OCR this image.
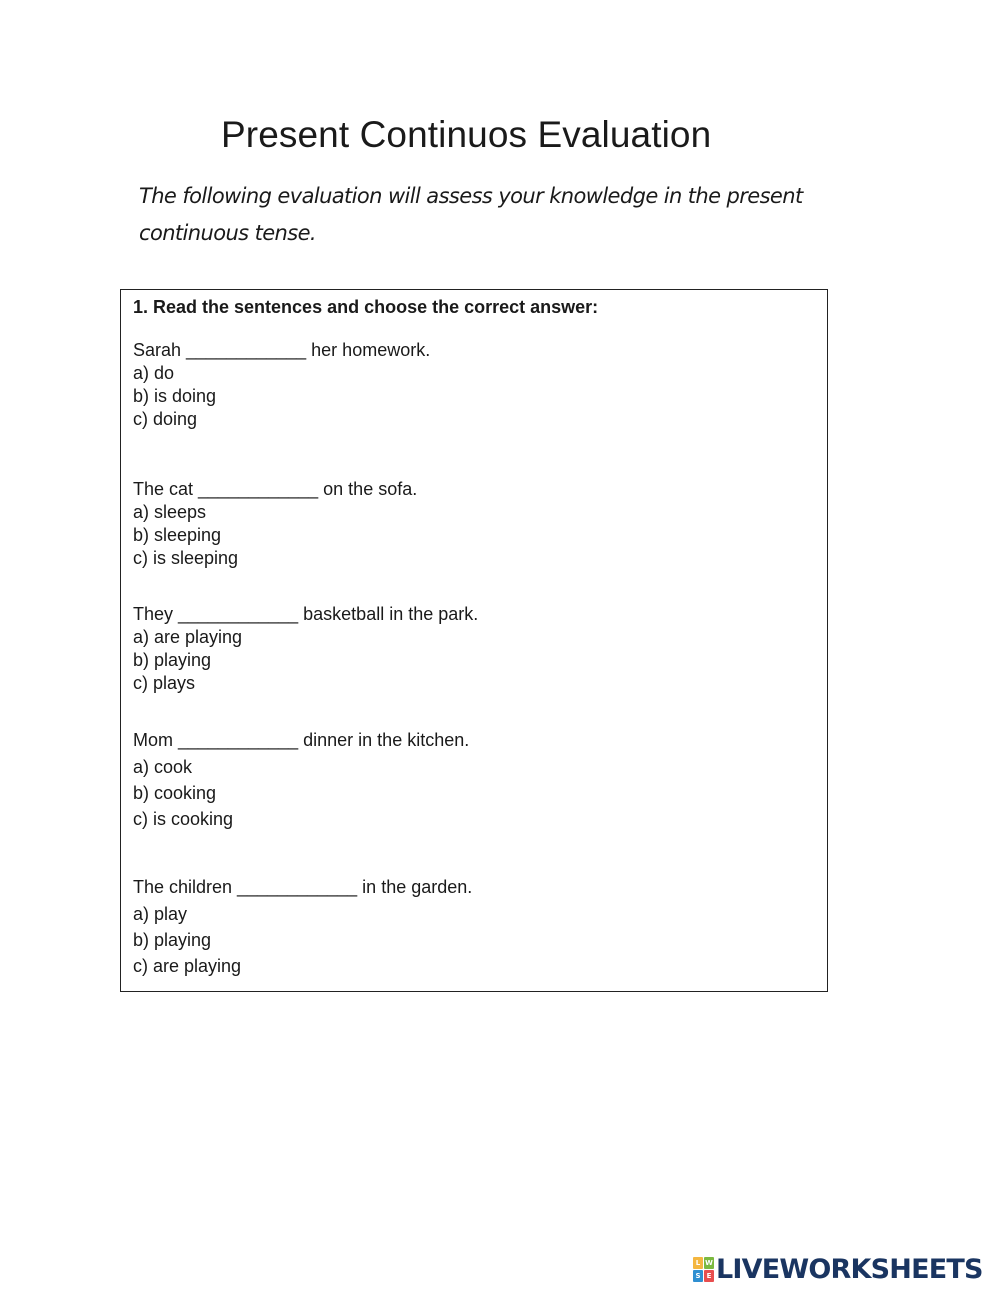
Present Continuos Evaluation

The following evaluation will assess your knowledge in the present continuous tense.

1. Read the sentences and choose the correct answer:
Sarah ____________ her homework.
a) do
b) is doing
c) doing
The cat ____________ on the sofa.
a) sleeps
b) sleeping
c) is sleeping
They ____________ basketball in the park.
a) are playing
b) playing
c) plays
Mom ____________ dinner in the kitchen.
a) cook
b) cooking
c) is cooking
The children ____________ in the garden.
a) play
b) playing
c) are playing
L W
S E LIVEWORKSHEETS
